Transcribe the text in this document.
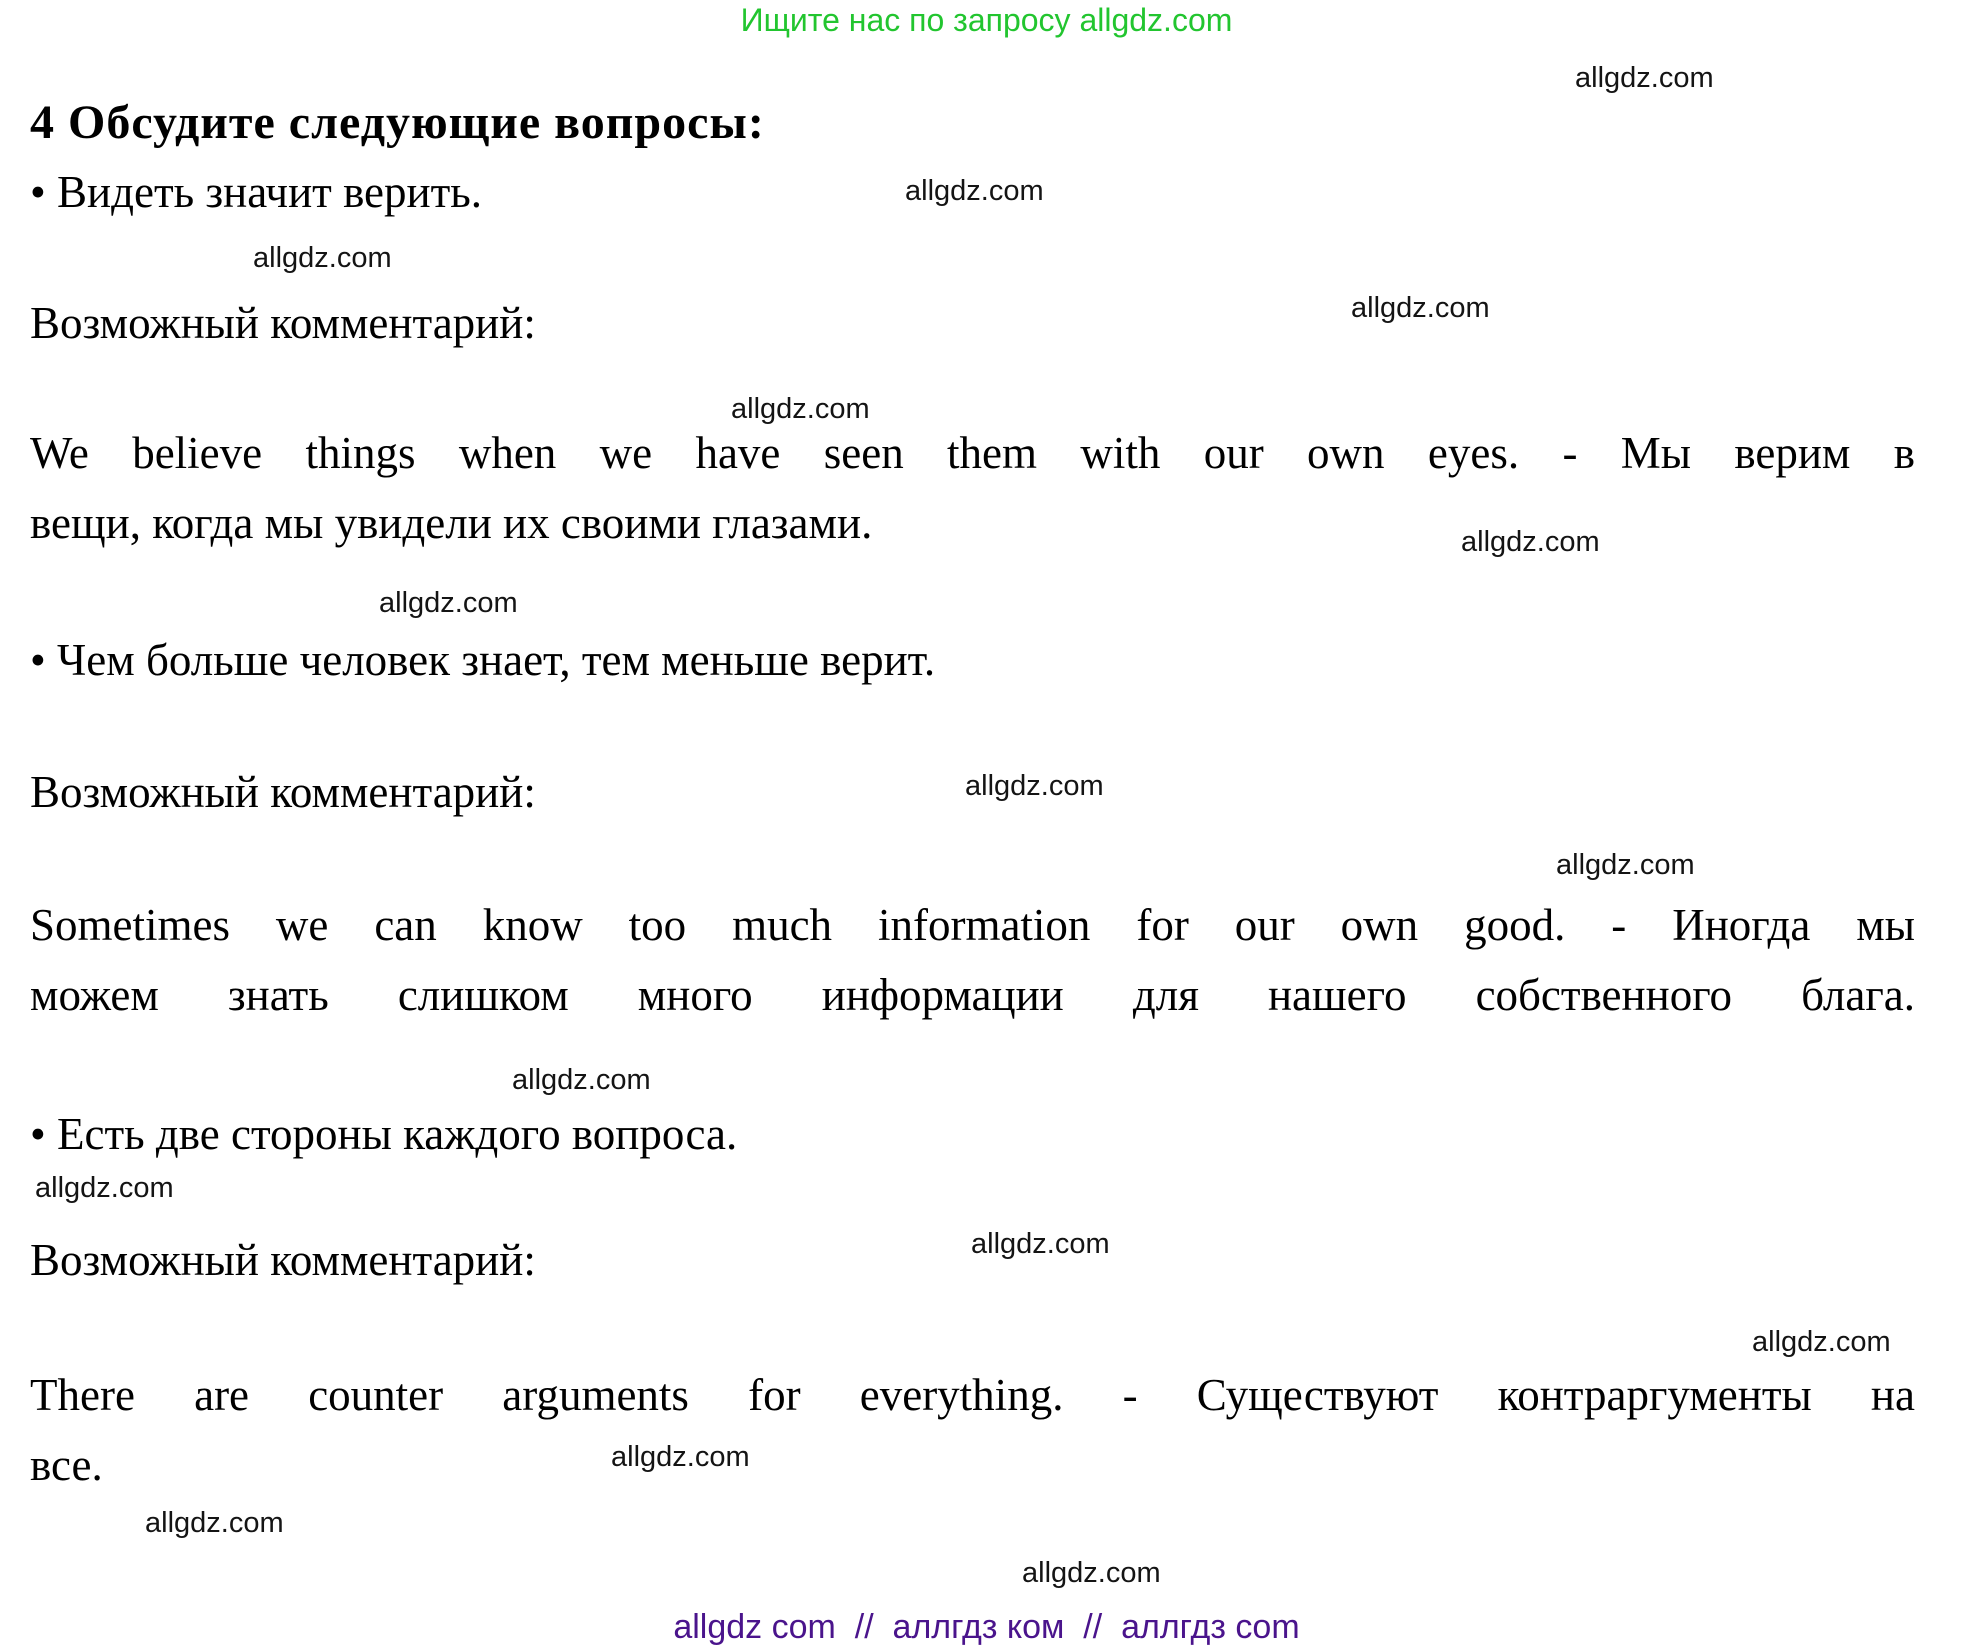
Ищите нас по запросу allgdz.com
allgdz.com
allgdz.com
allgdz.com
allgdz.com
allgdz.com
allgdz.com
allgdz.com
allgdz.com
allgdz.com
allgdz.com
allgdz.com
allgdz.com
allgdz.com
allgdz.com
allgdz.com
allgdz.com
4 Обсудите следующие вопросы:
• Видеть значит верить.
Возможный комментарий:
We believe things when we have seen them with our own eyes. - Мы верим в
вещи, когда мы увидели их своими глазами.
• Чем больше человек знает, тем меньше верит.
Возможный комментарий:
Sometimes we can know too much information for our own good. - Иногда мы
можем знать слишком много информации для нашего собственного блага.
• Есть две стороны каждого вопроса.
Возможный комментарий:
There are counter arguments for everything. - Существуют контраргументы на
все.
allgdz com  //  аллгдз ком  //  аллгдз com
